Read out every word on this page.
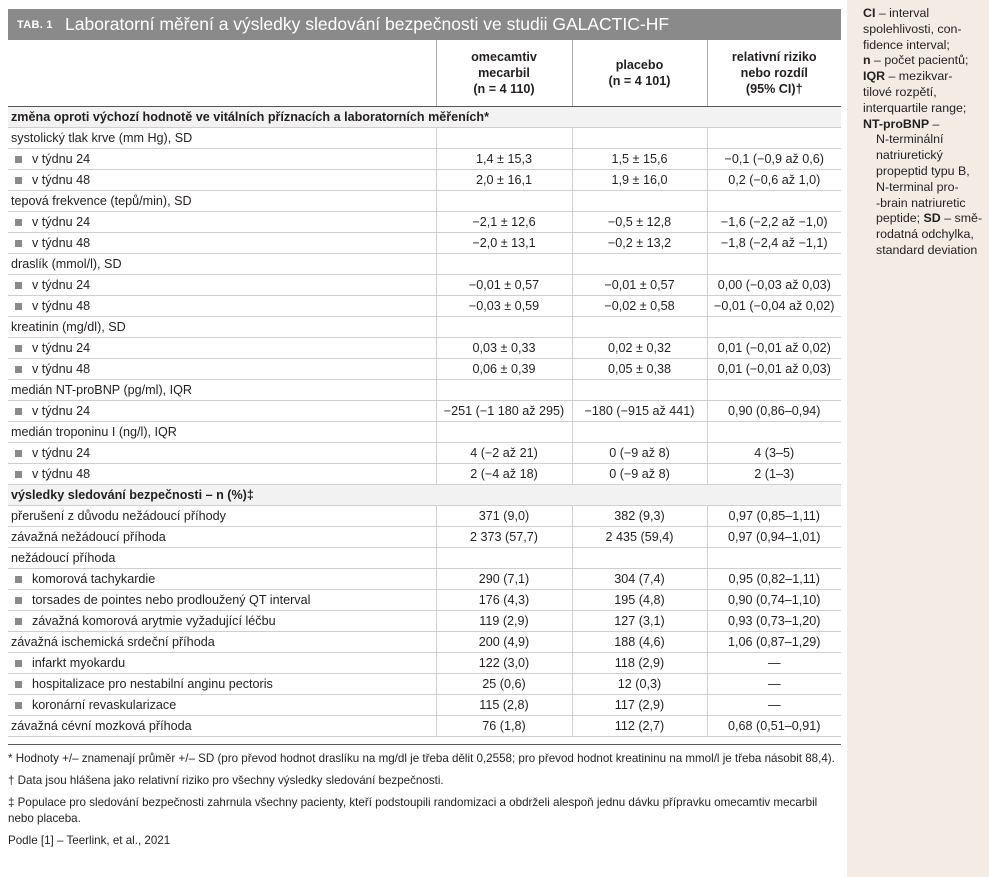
CI – interval
spolehlivosti, con-
fidence interval;
n – počet pacientů;
IQR – mezikvar-
tilové rozpětí,
interquartile range;
NT-proBNP –
N-terminální
natriuretický
propeptid typu B,
N-terminal pro-
-brain natriuretic
peptide; SD – smě-
rodatná odchylka,
standard deviation
TAB. 1 Laboratorní měření a výsledky sledování bezpečnosti ve studii GALACTIC-HF

	omecamtiv
mecarbil
(n = 4 110)	placebo
(n = 4 101)	relativní riziko
nebo rozdíl
(95% CI)†

změna oproti výchozí hodnotě ve vitálních příznacích a laboratorních měřeních*			
systolický tlak krve (mm Hg), SD			
v týdnu 24	1,4 ± 15,3	1,5 ± 15,6	−0,1 (−0,9 až 0,6)
v týdnu 48	2,0 ± 16,1	1,9 ± 16,0	0,2 (−0,6 až 1,0)
tepová frekvence (tepů/min), SD			
v týdnu 24	−2,1 ± 12,6	−0,5 ± 12,8	−1,6 (−2,2 až −1,0)
v týdnu 48	−2,0 ± 13,1	−0,2 ± 13,2	−1,8 (−2,4 až −1,1)
draslík (mmol/l), SD			
v týdnu 24	−0,01 ± 0,57	−0,01 ± 0,57	0,00 (−0,03 až 0,03)
v týdnu 48	−0,03 ± 0,59	−0,02 ± 0,58	−0,01 (−0,04 až 0,02)
kreatinin (mg/dl), SD			
v týdnu 24	0,03 ± 0,33	0,02 ± 0,32	0,01 (−0,01 až 0,02)
v týdnu 48	0,06 ± 0,39	0,05 ± 0,38	0,01 (−0,01 až 0,03)
medián NT-proBNP (pg/ml), IQR			
v týdnu 24	−251 (−1 180 až 295)	−180 (−915 až 441)	0,90 (0,86–0,94)
medián troponinu I (ng/l), IQR			
v týdnu 24	4 (−2 až 21)	0 (−9 až 8)	4 (3–5)
v týdnu 48	2 (−4 až 18)	0 (−9 až 8)	2 (1–3)
výsledky sledování bezpečnosti – n (%)‡			
přerušení z důvodu nežádoucí příhody	371 (9,0)	382 (9,3)	0,97 (0,85–1,11)
závažná nežádoucí příhoda	2 373 (57,7)	2 435 (59,4)	0,97 (0,94–1,01)
nežádoucí příhoda			
komorová tachykardie	290 (7,1)	304 (7,4)	0,95 (0,82–1,11)
torsades de pointes nebo prodloužený QT interval	176 (4,3)	195 (4,8)	0,90 (0,74–1,10)
závažná komorová arytmie vyžadující léčbu	119 (2,9)	127 (3,1)	0,93 (0,73–1,20)
závažná ischemická srdeční příhoda	200 (4,9)	188 (4,6)	1,06 (0,87–1,29)
infarkt myokardu	122 (3,0)	118 (2,9)	—
hospitalizace pro nestabilní anginu pectoris	25 (0,6)	12 (0,3)	—
koronární revaskularizace	115 (2,8)	117 (2,9)	—
závažná cévní mozková příhoda	76 (1,8)	112 (2,7)	0,68 (0,51–0,91)

* Hodnoty +/– znamenají průměr +/– SD (pro převod hodnot draslíku na mg/dl je třeba dělit 0,2558; pro převod hodnot kreatininu na mmol/l je třeba násobit 88,4).

† Data jsou hlášena jako relativní riziko pro všechny výsledky sledování bezpečnosti.

‡ Populace pro sledování bezpečnosti zahrnula všechny pacienty, kteří podstoupili randomizaci a obdrželi alespoň jednu dávku přípravku omecamtiv mecarbil nebo placeba.

Podle [1] – Teerlink, et al., 2021
